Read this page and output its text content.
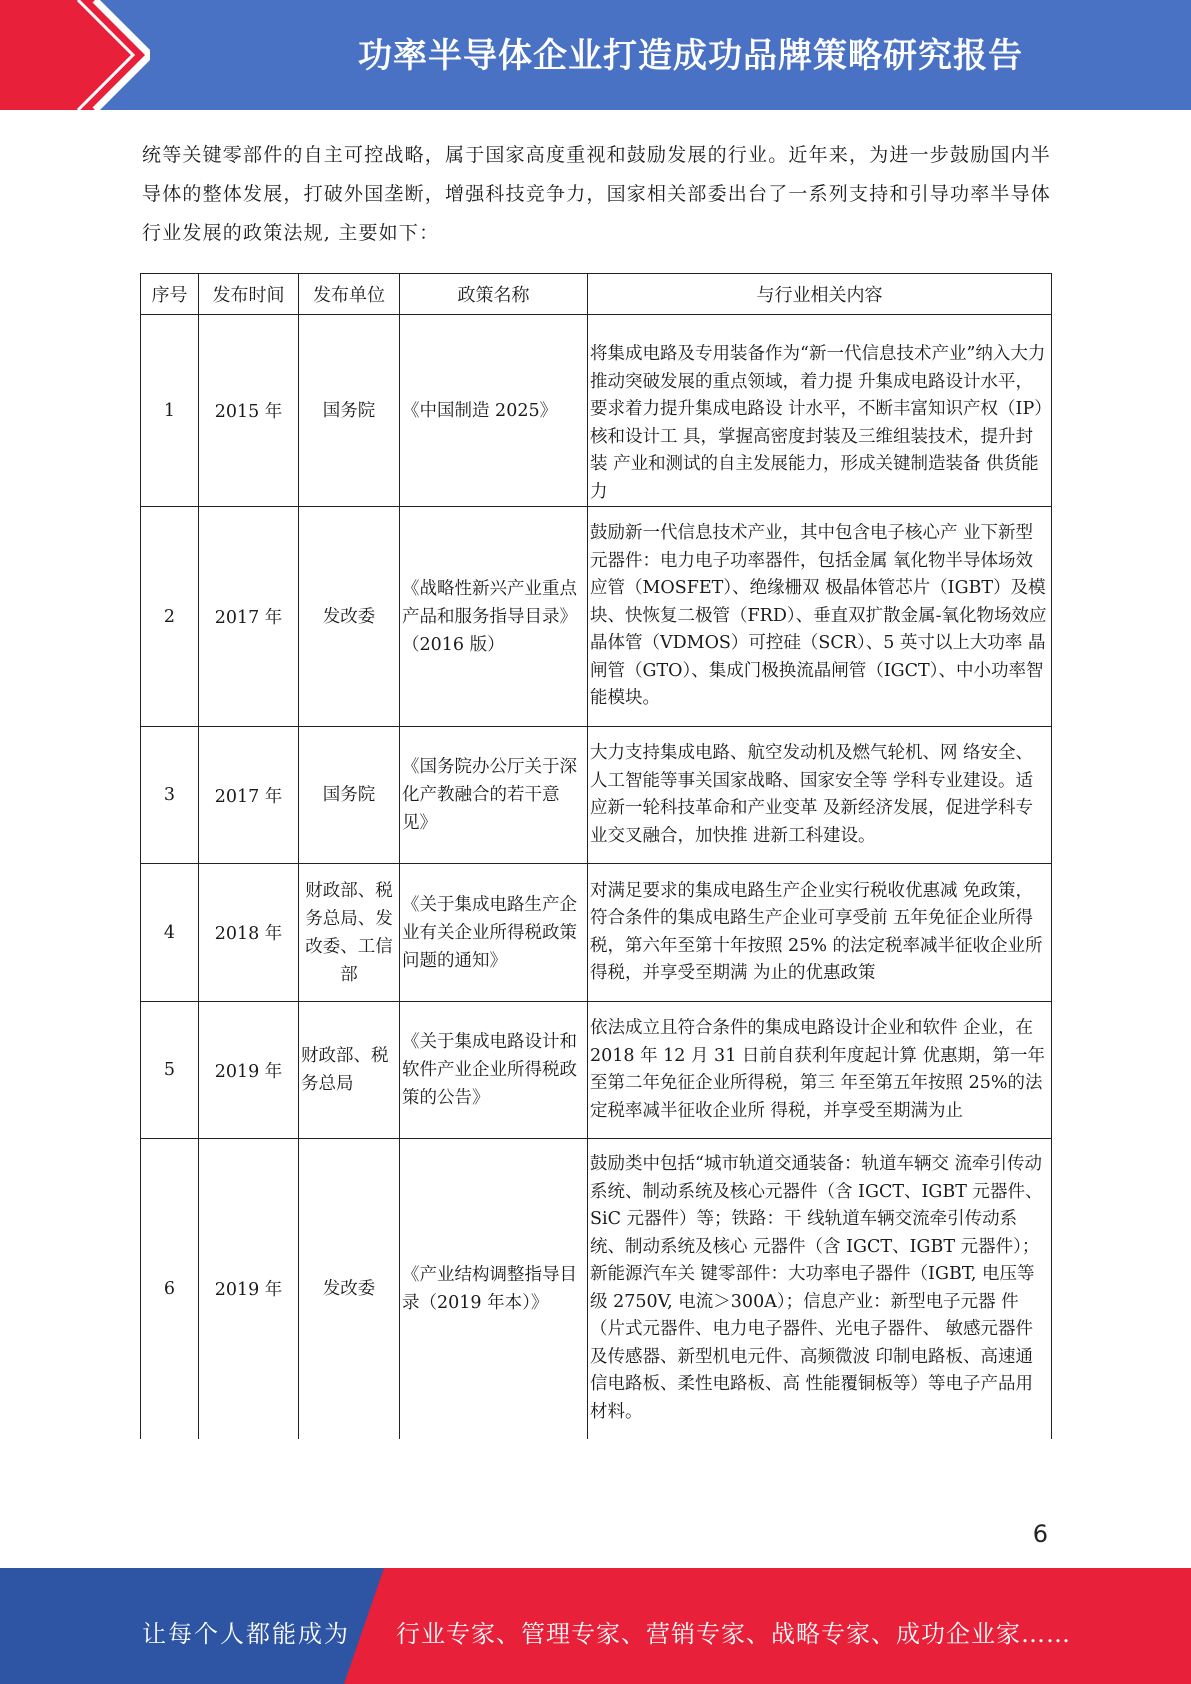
功率半导体企业打造成功品牌策略研究报告
统等关键零部件的自主可控战略，属于国家高度重视和鼓励发展的行业。近年来，为进一步鼓励国内半导体的整体发展，打破外国垄断，增强科技竞争力，国家相关部委出台了一系列支持和引导功率半导体行业发展的政策法规, 主要如下：
序号	发布时间	发布单位	政策名称	与行业相关内容
1	2015 年	国务院	《中国制造 2025》	将集成电路及专用装备作为“新一代信息技术产业”纳入大力推动突破发展的重点领域，着力提 升集成电路设计水平，要求着力提升集成电路设 计水平，不断丰富知识产权（IP）核和设计工 具，掌握高密度封装及三维组装技术，提升封装 产业和测试的自主发展能力，形成关键制造装备 供货能力
2	2017 年	发改委	《战略性新兴产业重点产品和服务指导目录》（2016 版）	鼓励新一代信息技术产业，其中包含电子核心产 业下新型元器件：电力电子功率器件，包括金属 氧化物半导体场效应管（MOSFET）、绝缘栅双 极晶体管芯片（IGBT）及模块、快恢复二极管（FRD）、垂直双扩散金属-氧化物场效应晶体管（VDMOS）可控硅（SCR）、5 英寸以上大功率 晶闸管（GTO）、集成门极换流晶闸管（IGCT）、中小功率智能模块。
3	2017 年	国务院	《国务院办公厅关于深化产教融合的若干意见》	大力支持集成电路、航空发动机及燃气轮机、网 络安全、人工智能等事关国家战略、国家安全等 学科专业建设。适应新一轮科技革命和产业变革 及新经济发展，促进学科专业交叉融合，加快推 进新工科建设。
4	2018 年	财政部、税务总局、发改委、工信部	《关于集成电路生产企业有关企业所得税政策问题的通知》	对满足要求的集成电路生产企业实行税收优惠减 免政策，符合条件的集成电路生产企业可享受前 五年免征企业所得税，第六年至第十年按照 25% 的法定税率减半征收企业所得税，并享受至期满 为止的优惠政策
5	2019 年	财政部、税务总局	《关于集成电路设计和软件产业企业所得税政策的公告》	依法成立且符合条件的集成电路设计企业和软件 企业，在 2018 年 12 月 31 日前自获利年度起计算 优惠期，第一年至第二年免征企业所得税，第三 年至第五年按照 25%的法定税率减半征收企业所 得税，并享受至期满为止
6	2019 年	发改委	《产业结构调整指导目录（2019 年本）》	鼓励类中包括“城市轨道交通装备：轨道车辆交 流牵引传动系统、制动系统及核心元器件（含 IGCT、IGBT 元器件、SiC 元器件）等；铁路：干 线轨道车辆交流牵引传动系统、制动系统及核心 元器件（含 IGCT、IGBT 元器件）；新能源汽车关 键零部件：大功率电子器件（IGBT, 电压等级 2750V, 电流＞300A）；信息产业：新型电子元器 件（片式元器件、电力电子器件、光电子器件、 敏感元器件及传感器、新型机电元件、高频微波 印制电路板、高速通信电路板、柔性电路板、高 性能覆铜板等）等电子产品用材料。
6
让每个人都能成为 行业专家、管理专家、营销专家、战略专家、成功企业家……
